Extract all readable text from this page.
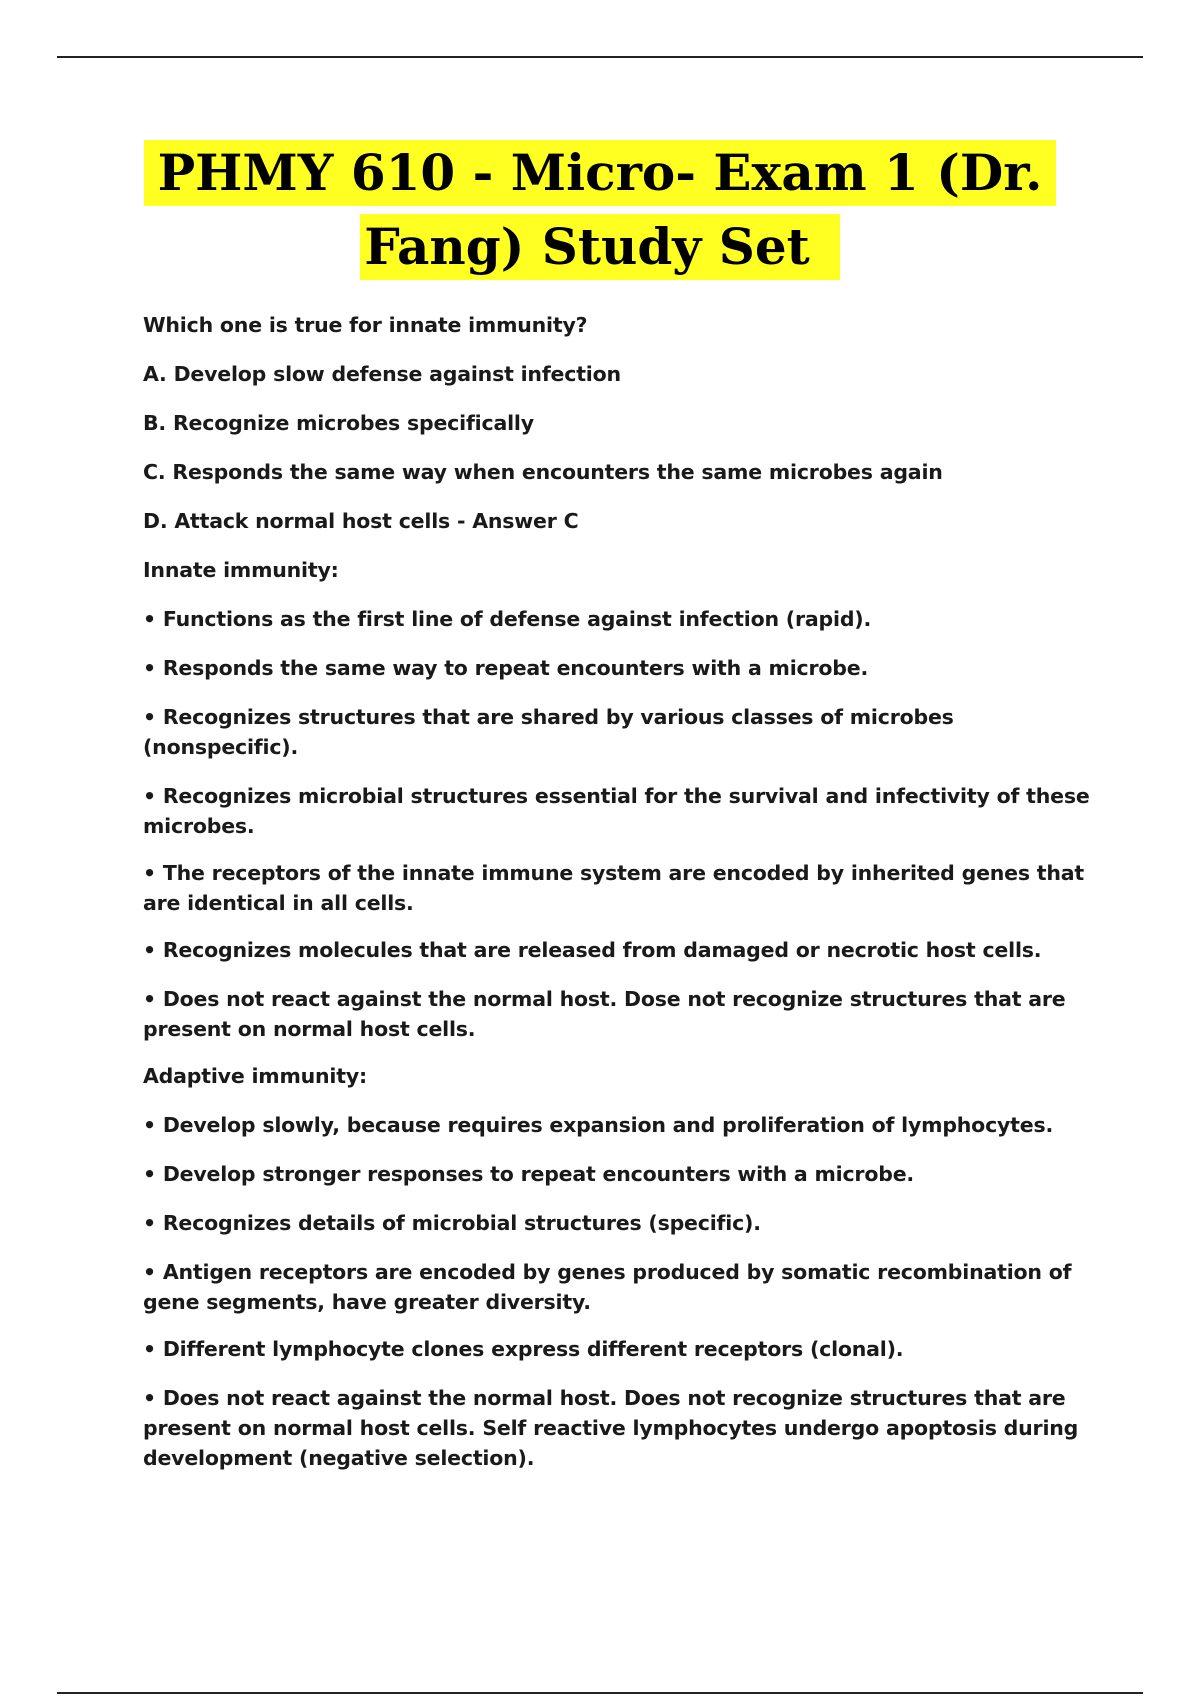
PHMY 610 - Micro- Exam 1 (Dr.
Fang) Study Set

Which one is true for innate immunity?

A. Develop slow defense against infection

B. Recognize microbes specifically

C. Responds the same way when encounters the same microbes again

D. Attack normal host cells - Answer C

Innate immunity:

• Functions as the first line of defense against infection (rapid).

• Responds the same way to repeat encounters with a microbe.

• Recognizes structures that are shared by various classes of microbes (nonspecific).

• Recognizes microbial structures essential for the survival and infectivity of these microbes.

• The receptors of the innate immune system are encoded by inherited genes that are identical in all cells.

• Recognizes molecules that are released from damaged or necrotic host cells.

• Does not react against the normal host. Dose not recognize structures that are present on normal host cells.

Adaptive immunity:

• Develop slowly, because requires expansion and proliferation of lymphocytes.

• Develop stronger responses to repeat encounters with a microbe.

• Recognizes details of microbial structures (specific).

• Antigen receptors are encoded by genes produced by somatic recombination of gene segments, have greater diversity.

• Different lymphocyte clones express different receptors (clonal).

• Does not react against the normal host. Does not recognize structures that are present on normal host cells. Self reactive lymphocytes undergo apoptosis during development (negative selection).
